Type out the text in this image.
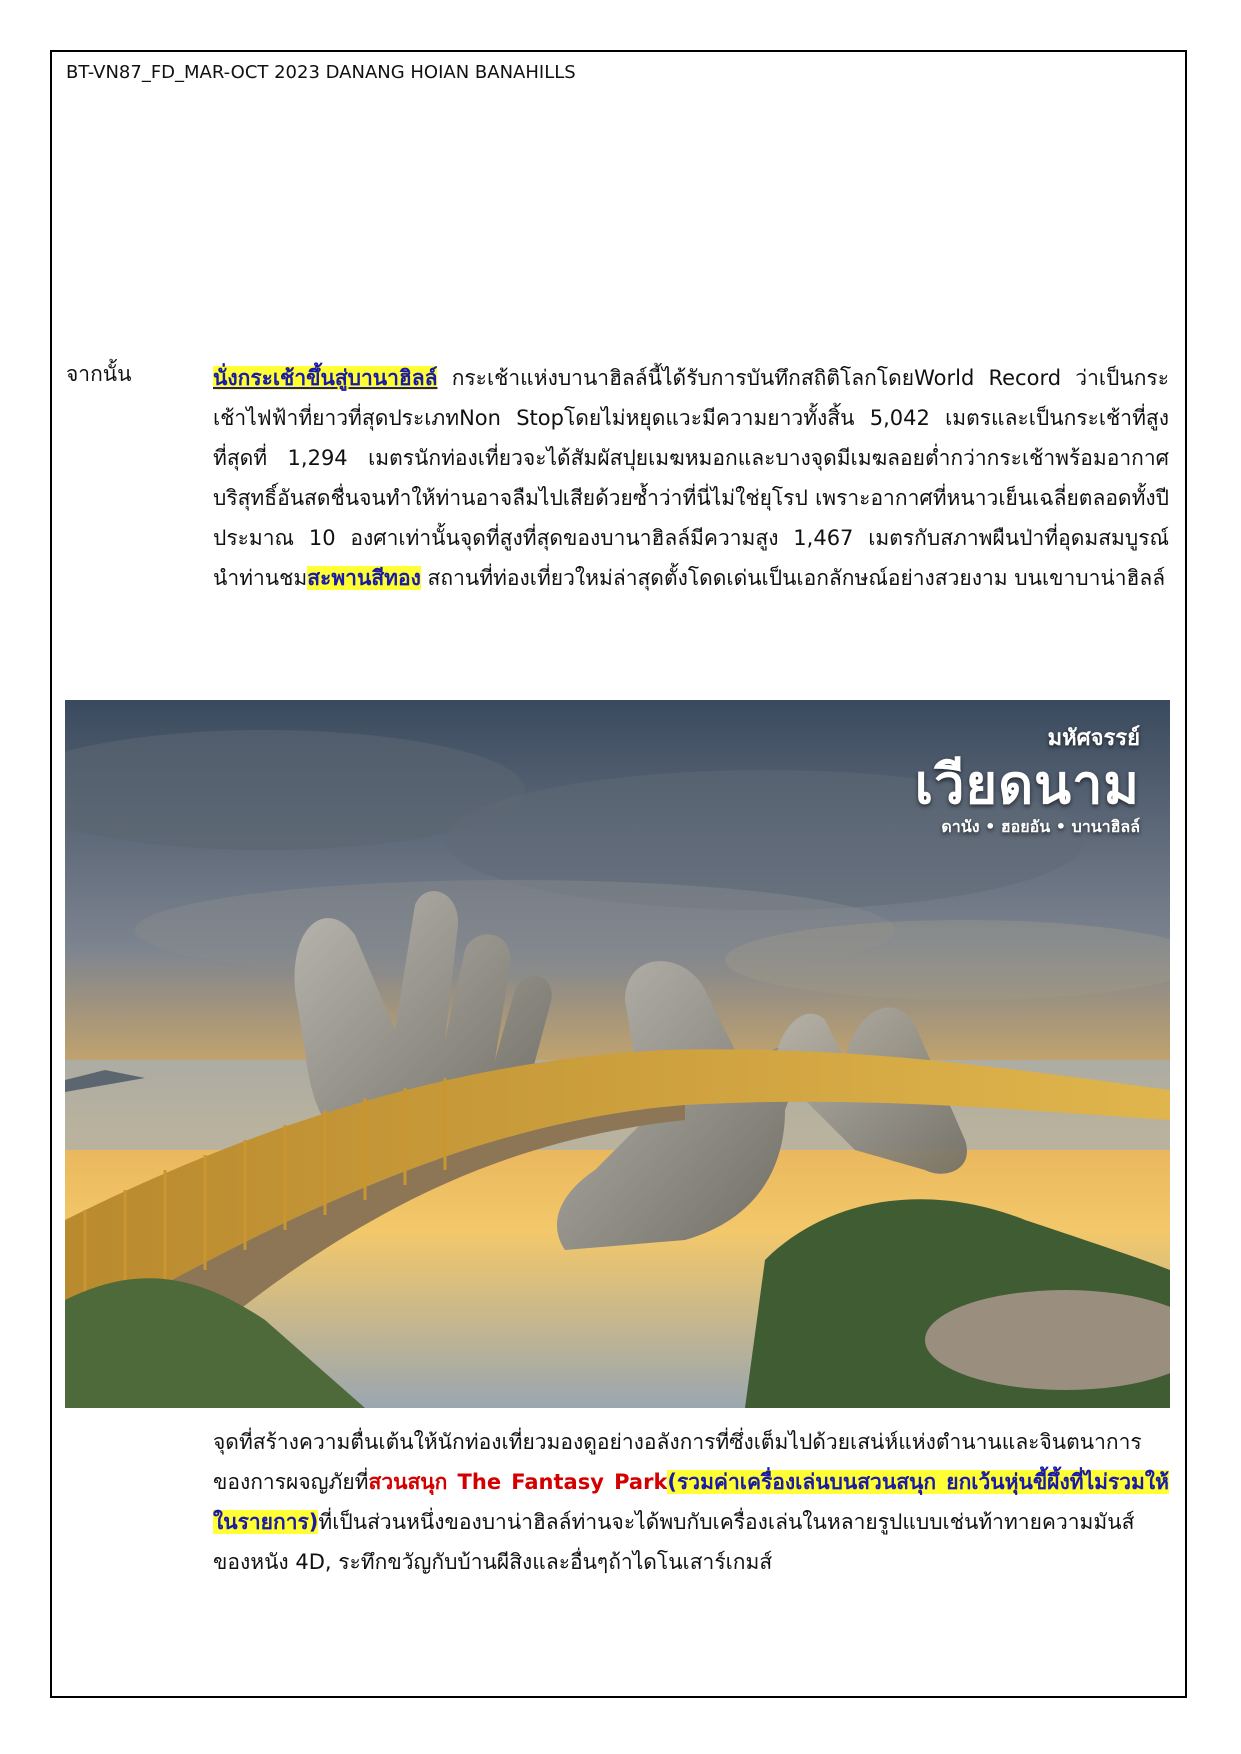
BT-VN87_FD_MAR-OCT 2023 DANANG HOIAN BANAHILLS
จากนั้น	นั่งกระเช้าขึ้นสู่บานาฮิลล์ กระเช้าแห่งบานาฮิลล์นี้ได้รับการบันทึกสถิติโลกโดยWorld Record ว่าเป็นกระเช้าไฟฟ้าที่ยาวที่สุดประเภทNon Stopโดยไม่หยุดแวะมีความยาวทั้งสิ้น 5,042 เมตรและเป็นกระเช้าที่สูงที่สุดที่ 1,294 เมตรนักท่องเที่ยวจะได้สัมผัสปุยเมฆหมอกและบางจุดมีเมฆลอยต่ำกว่ากระเช้าพร้อมอากาศบริสุทธิ์อันสดชื่นจนทำให้ท่านอาจลืมไปเสียด้วยซ้ำว่าที่นี่ไม่ใช่ยุโรป เพราะอากาศที่หนาวเย็นเฉลี่ยตลอดทั้งปีประมาณ 10 องศาเท่านั้นจุดที่สูงที่สุดของบานาฮิลล์มีความสูง 1,467 เมตรกับสภาพผืนป่าที่อุดมสมบูรณ์ นำท่านชมสะพานสีทอง สถานที่ท่องเที่ยวใหม่ล่าสุดตั้งโดดเด่นเป็นเอกลักษณ์อย่างสวยงาม บนเขาบาน่าฮิลล์
มหัศจรรย์
เวียดนาม
ดานัง • ฮอยอัน • บานาฮิลล์
จุดที่สร้างความตื่นเต้นให้นักท่องเที่ยวมองดูอย่างอลังการที่ซึ่งเต็มไปด้วยเสน่ห์แห่งตำนานและจินตนาการของการผจญภัยที่สวนสนุก The Fantasy Park(รวมค่าเครื่องเล่นบนสวนสนุก ยกเว้นหุ่นขี้ผึ้งที่ไม่รวมให้ในรายการ)ที่เป็นส่วนหนึ่งของบาน่าฮิลล์ท่านจะได้พบกับเครื่องเล่นในหลายรูปแบบเช่นท้าทายความมันส์ของหนัง 4D, ระทึกขวัญกับบ้านผีสิงและอื่นๆถ้าไดโนเสาร์เกมส์
